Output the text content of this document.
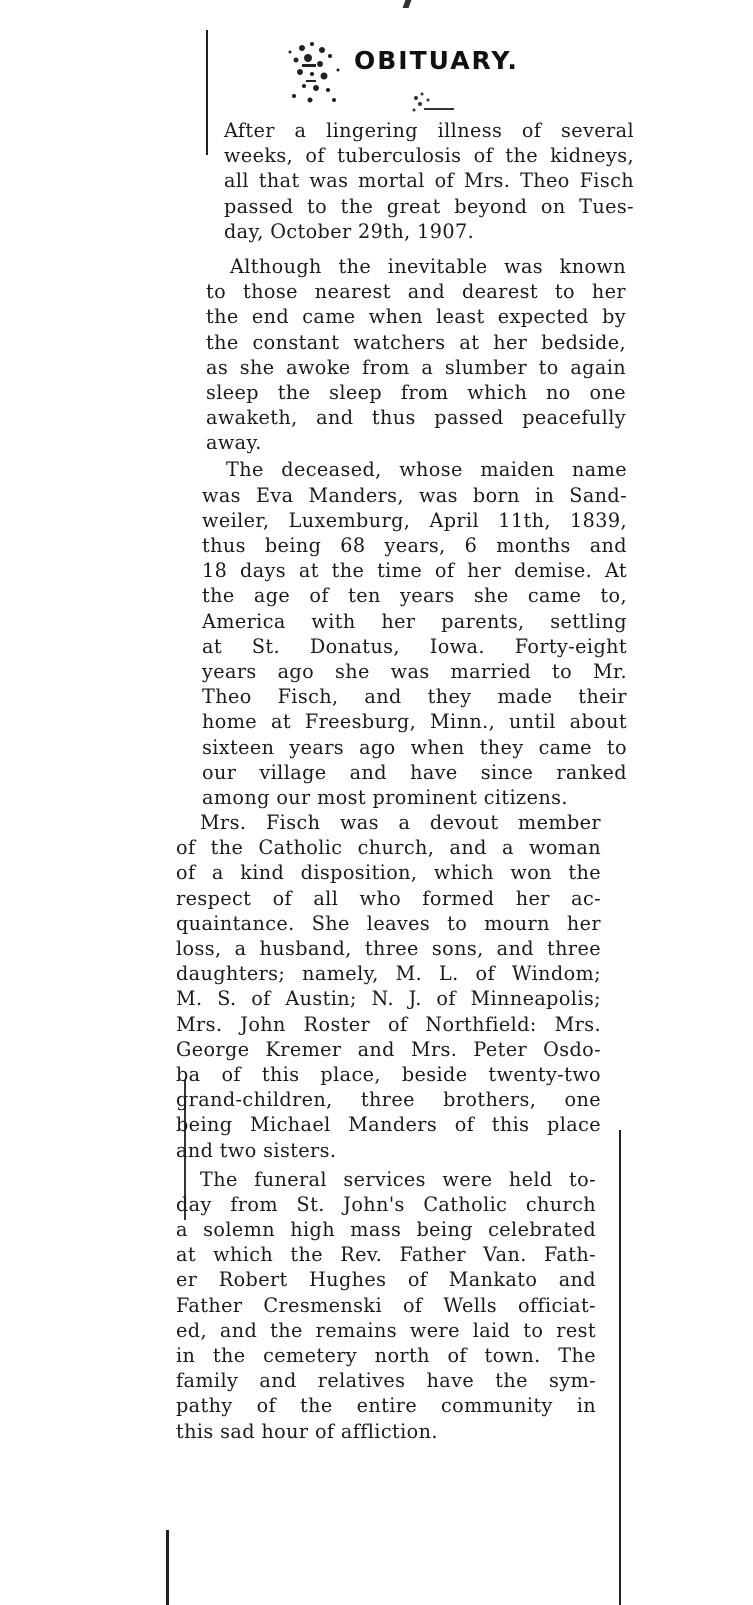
OBITUARY.
After a lingering illness of several
weeks, of tuberculosis of the kidneys,
all that was mortal of Mrs. Theo Fisch
passed to the great beyond on Tues-
day, October 29th, 1907.
Although the inevitable was known
to those nearest and dearest to her
the end came when least expected by
the constant watchers at her bedside,
as she awoke from a slumber to again
sleep the sleep from which no one
awaketh, and thus passed peacefully
away.
The deceased, whose maiden name
was Eva Manders, was born in Sand-
weiler, Luxemburg, April 11th, 1839,
thus being 68 years, 6 months and
18 days at the time of her demise. At
the age of ten years she came to,
America with her parents, settling
at St. Donatus, Iowa. Forty-eight
years ago she was married to Mr.
Theo Fisch, and they made their
home at Freesburg, Minn., until about
sixteen years ago when they came to
our village and have since ranked
among our most prominent citizens.
Mrs. Fisch was a devout member
of the Catholic church, and a woman
of a kind disposition, which won the
respect of all who formed her ac-
quaintance. She leaves to mourn her
loss, a husband, three sons, and three
daughters; namely, M. L. of Windom;
M. S. of Austin; N. J. of Minneapolis;
Mrs. John Roster of Northfield: Mrs.
George Kremer and Mrs. Peter Osdo-
ba of this place, beside twenty-two
grand-children, three brothers, one
being Michael Manders of this place
and two sisters.
The funeral services were held to-
day from St. John's Catholic church
a solemn high mass being celebrated
at which the Rev. Father Van. Fath-
er Robert Hughes of Mankato and
Father Cresmenski of Wells officiat-
ed, and the remains were laid to rest
in the cemetery north of town. The
family and relatives have the sym-
pathy of the entire community in
this sad hour of affliction.
